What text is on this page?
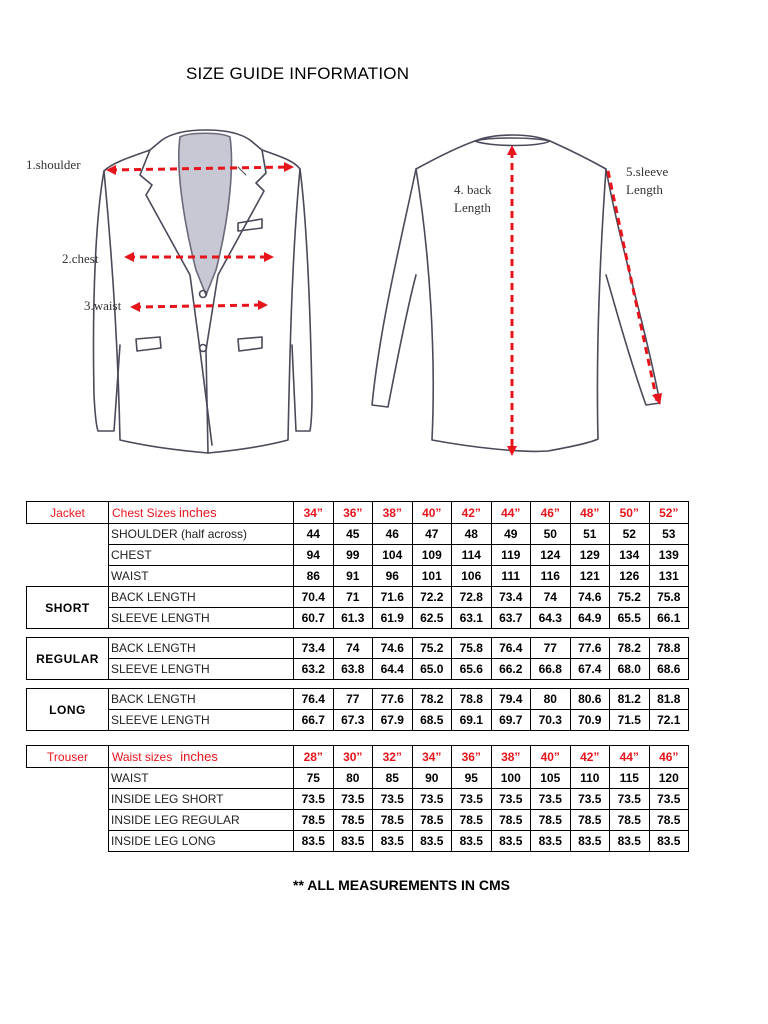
SIZE GUIDE INFORMATION
1.shoulder
2.chest
3.waist
4. back
Length
5.sleeve
Length
Jacket	Chest Sizes inches	34”	36”	38”	40”	42”	44”	46”	48”	50”	52”
	SHOULDER (half across)	44	45	46	47	48	49	50	51	52	53
	CHEST	94	99	104	109	114	119	124	129	134	139
	WAIST	86	91	96	101	106	111	116	121	126	131
SHORT	BACK LENGTH	70.4	71	71.6	72.2	72.8	73.4	74	74.6	75.2	75.8
	SLEEVE LENGTH	60.7	61.3	61.9	62.5	63.1	63.7	64.3	64.9	65.5	66.1

REGULAR	BACK LENGTH	73.4	74	74.6	75.2	75.8	76.4	77	77.6	78.2	78.8
	SLEEVE LENGTH	63.2	63.8	64.4	65.0	65.6	66.2	66.8	67.4	68.0	68.6

LONG	BACK LENGTH	76.4	77	77.6	78.2	78.8	79.4	80	80.6	81.2	81.8
	SLEEVE LENGTH	66.7	67.3	67.9	68.5	69.1	69.7	70.3	70.9	71.5	72.1
Trouser	Waist sizes inches	28”	30”	32”	34”	36”	38”	40”	42”	44”	46”
	WAIST	75	80	85	90	95	100	105	110	115	120
	INSIDE LEG SHORT	73.5	73.5	73.5	73.5	73.5	73.5	73.5	73.5	73.5	73.5
	INSIDE LEG REGULAR	78.5	78.5	78.5	78.5	78.5	78.5	78.5	78.5	78.5	78.5
	INSIDE LEG LONG	83.5	83.5	83.5	83.5	83.5	83.5	83.5	83.5	83.5	83.5
** ALL MEASUREMENTS IN CMS
